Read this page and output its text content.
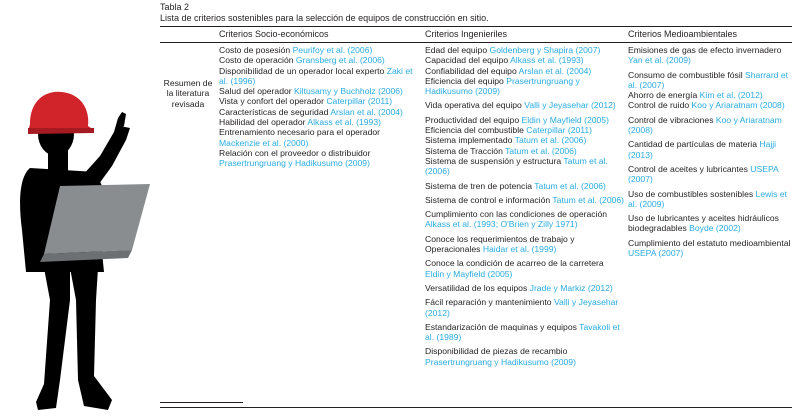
Tabla 2
Lista de criterios sostenibles para la selección de equipos de construcción en sitio.
Criterios Socio-económicos	Criterios Ingenieriles	Criterios Medioambientales
Resumen de la literatura revisada
Costo de posesión Peurifoy et al. (2006)
Costo de operación Gransberg et al. (2006)
Disponibilidad de un operador local experto Zaki et al. (1996)
Salud del operador Kiltusamy y Buchholz (2006)
Vista y confort del operador Caterpillar (2011)
Características de seguridad Arslan et al. (2004)
Habilidad del operador Alkass et al. (1993)
Entrenamiento necesario para el operador Mackenzie et al. (2000)
Relación con el proveedor o distribuidor Prasertrungruang y Hadikusumo (2009)
Edad del equipo Goldenberg y Shapira (2007)
Capacidad del equipo Alkass et al. (1993)
Confiabilidad del equipo Arslan et al. (2004)
Eficiencia del equipo Prasertrungruang y Hadikusumo (2009)
Vida operativa del equipo Valli y Jeyasehar (2012)
Productividad del equipo Eldin y Mayfield (2005)
Eficiencia del combustible Caterpillar (2011)
Sistema implementado Tatum et al. (2006)
Sistema de Tracción Tatum et al. (2006)
Sistema de suspensión y estructura Tatum et al. (2006)
Sistema de tren de potencia Tatum et al. (2006)
Sistema de control e información Tatum et al. (2006)
Cumplimiento con las condiciones de operación Alkass et al. (1993; O'Brien y Zilly 1971)
Conoce los requerimientos de trabajo y Operacionales Haidar et al. (1999)
Conoce la condición de acarreo de la carretera Eldin y Mayfield (2005)
Versatilidad de los equipos Jrade y Markiz (2012)
Fácil reparación y mantenimiento Valli y Jeyasehar (2012)
Estandarización de maquinas y equipos Tavakoli et al. (1989)
Disponibilidad de piezas de recambio Prasertrungruang y Hadikusumo (2009)
Emisiones de gas de efecto invernadero Yan et al. (2009)
Consumo de combustible fósil Sharrard et al. (2007)
Ahorro de energía Kim et al. (2012)
Control de ruido Koo y Ariaratnam (2008)
Control de vibraciones Koo y Ariaratnam (2008)
Cantidad de partículas de materia Hajji (2013)
Control de aceites y lubricantes USEPA (2007)
Uso de combustibles sostenibles Lewis et al. (2009)
Uso de lubricantes y aceites hidráulicos biodegradables Boyde (2002)
Cumplimiento del estatuto medioambiental USEPA (2007)
